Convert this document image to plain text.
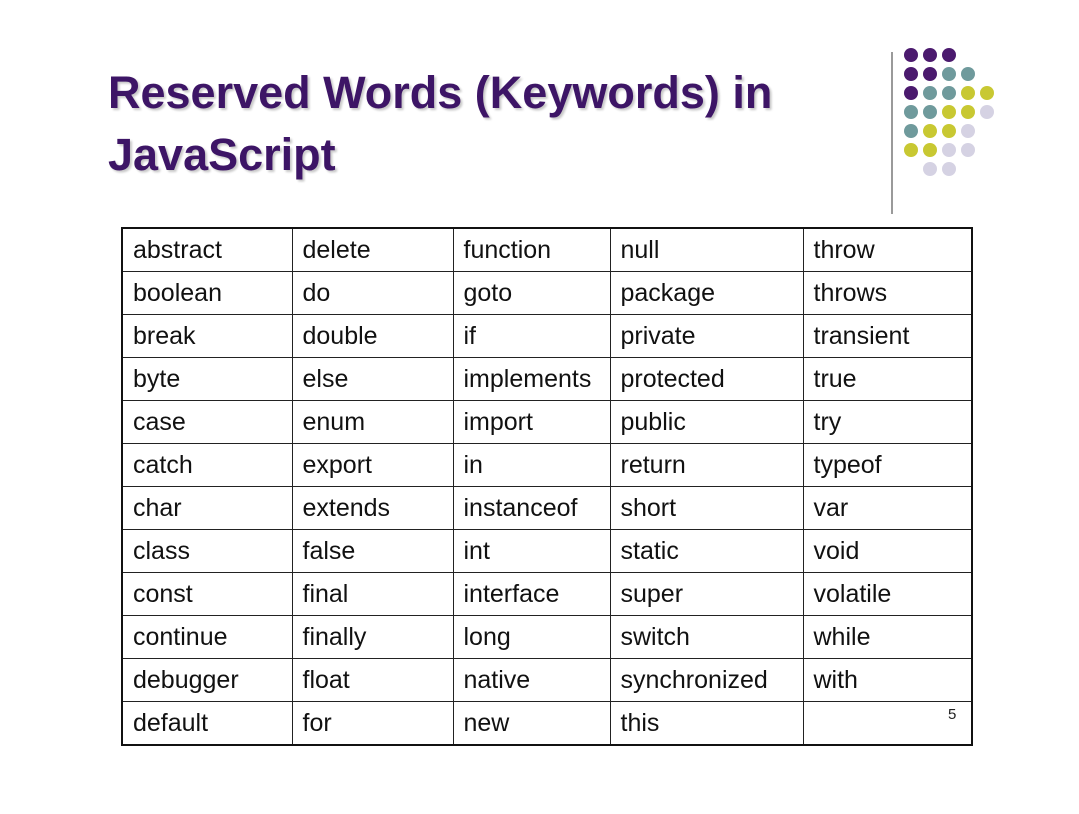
Reserved Words (Keywords) in
JavaScript
abstract	delete	function	null	throw
boolean	do	goto	package	throws
break	double	if	private	transient
byte	else	implements	protected	true
case	enum	import	public	try
catch	export	in	return	typeof
char	extends	instanceof	short	var
class	false	int	static	void
const	final	interface	super	volatile
continue	finally	long	switch	while
debugger	float	native	synchronized	with
default	for	new	this		5
